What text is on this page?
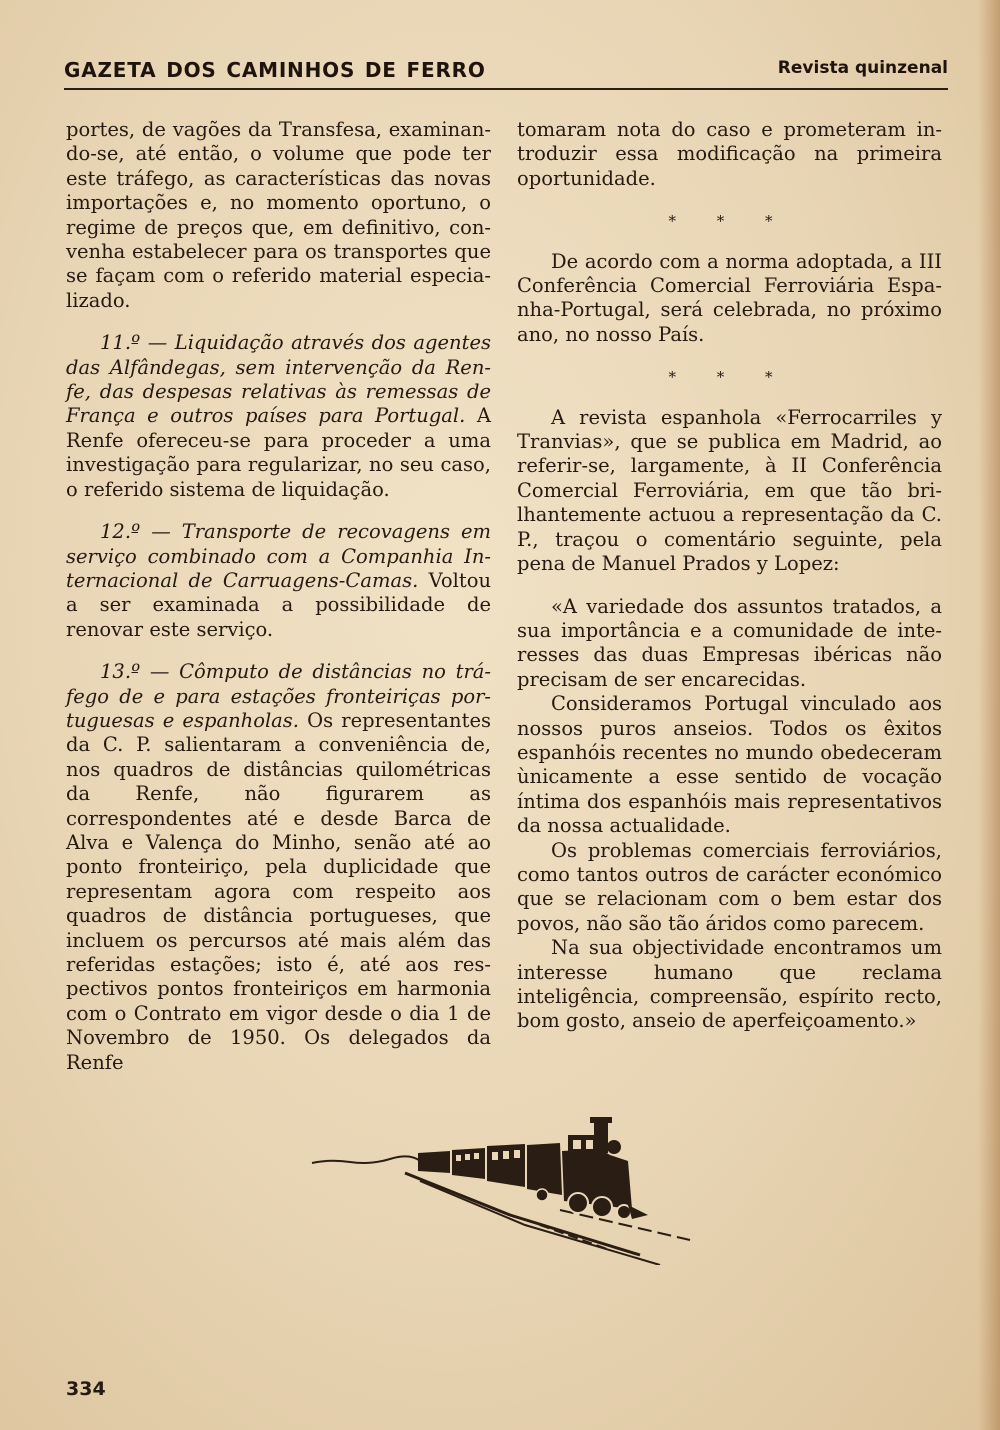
GAZETA DOS CAMINHOS DE FERRO	Revista quinzenal

portes, de vagões da Transfesa, examinando-se, até então, o volume que pode ter este tráfego, as características das novas importações e, no momento oportuno, o regime de preços que, em definitivo, convenha estabelecer para os transportes que se façam com o referido material especializado.

11.º — Liquidação através dos agentes das Alfândegas, sem intervenção da Renfe, das despesas relativas às remessas de França e outros países para Portugal. A Renfe ofereceu-se para proceder a uma investigação para regularizar, no seu caso, o referido sistema de liquidação.

12.º — Transporte de recovagens em serviço combinado com a Companhia Internacional de Carruagens-Camas. Voltou a ser examinada a possibilidade de renovar este serviço.

13.º — Cômputo de distâncias no tráfego de e para estações fronteiriças portuguesas e espanholas. Os representantes da C. P. salientaram a conveniência de, nos quadros de distâncias quilométricas da Renfe, não figurarem as correspondentes até e desde Barca de Alva e Valença do Minho, senão até ao ponto fronteiriço, pela duplicidade que representam agora com respeito aos quadros de distância portugueses, que incluem os percursos até mais além das referidas estações; isto é, até aos respectivos pontos fronteiriços em harmonia com o Contrato em vigor desde o dia 1 de Novembro de 1950. Os delegados da Renfe

tomaram nota do caso e prometeram introduzir essa modificação na primeira oportunidade.

* * *

De acordo com a norma adoptada, a III Conferência Comercial Ferroviária Espanha-Portugal, será celebrada, no próximo ano, no nosso País.

* * *

A revista espanhola «Ferrocarriles y Tranvias», que se publica em Madrid, ao referir-se, largamente, à II Conferência Comercial Ferroviária, em que tão brilhantemente actuou a representação da C. P., traçou o comentário seguinte, pela pena de Manuel Prados y Lopez:

«A variedade dos assuntos tratados, a sua importância e a comunidade de interesses das duas Empresas ibéricas não precisam de ser encarecidas.

Consideramos Portugal vinculado aos nossos puros anseios. Todos os êxitos espanhóis recentes no mundo obedeceram ùnicamente a esse sentido de vocação íntima dos espanhóis mais representativos da nossa actualidade.

Os problemas comerciais ferroviários, como tantos outros de carácter económico que se relacionam com o bem estar dos povos, não são tão áridos como parecem.

Na sua objectividade encontramos um interesse humano que reclama inteligência, compreensão, espírito recto, bom gosto, anseio de aperfeiçoamento.»

334
